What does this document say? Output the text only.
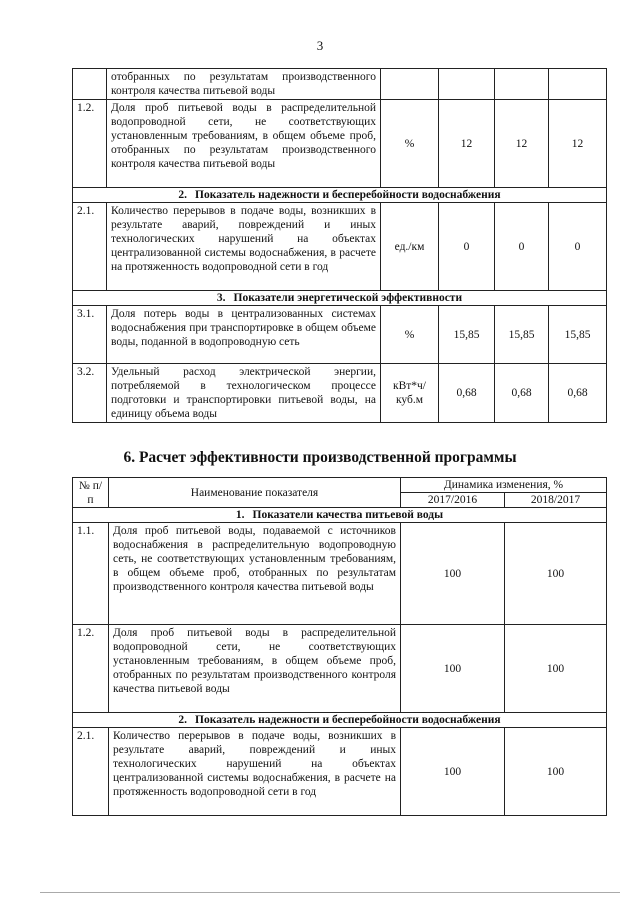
3
	отобранных по результатам производственного контроля качества питьевой воды				
1.2.	Доля проб питьевой воды в распределительной водопроводной сети, не соответствующих установленным требованиям, в общем объеме проб, отобранных по результатам производственного контроля качества питьевой воды	%	12	12	12
2. Показатель надежности и бесперебойности водоснабжения					
2.1.	Количество перерывов в подаче воды, возникших в результате аварий, повреждений и иных технологических нарушений на объектах централизованной системы водоснабжения, в расчете на протяженность водопроводной сети в год	ед./км	0	0	0
3. Показатели энергетической эффективности					
3.1.	Доля потерь воды в централизованных системах водоснабжения при транспортировке в общем объеме воды, поданной в водопроводную сеть	%	15,85	15,85	15,85
3.2.	Удельный расход электрической энергии, потребляемой в технологическом процессе подготовки и транспортировки питьевой воды, на единицу объема воды	кВт*ч/куб.м	0,68	0,68	0,68
6. Расчет эффективности производственной программы
№ п/п	Наименование показателя	Динамика изменения, %	
		2017/2016	2018/2017
1. Показатели качества питьевой воды			
1.1.	Доля проб питьевой воды, подаваемой с источников водоснабжения в распределительную водопроводную сеть, не соответствующих установленным требованиям, в общем объеме проб, отобранных по результатам производственного контроля качества питьевой воды	100	100
1.2.	Доля проб питьевой воды в распределительной водопроводной сети, не соответствующих установленным требованиям, в общем объеме проб, отобранных по результатам производственного контроля качества питьевой воды	100	100
2. Показатель надежности и бесперебойности водоснабжения			
2.1.	Количество перерывов в подаче воды, возникших в результате аварий, повреждений и иных технологических нарушений на объектах централизованной системы водоснабжения, в расчете на протяженность водопроводной сети в год	100	100
